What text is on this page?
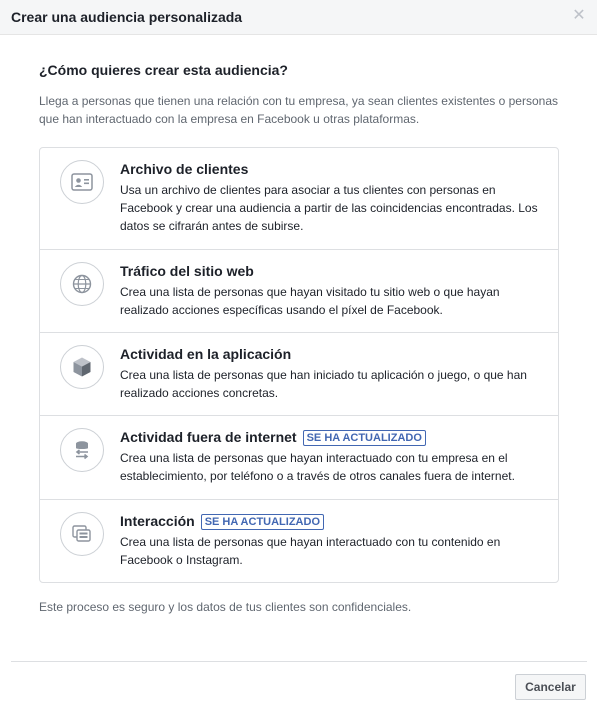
Crear una audiencia personalizada	✕
¿Cómo quieres crear esta audiencia?
Llega a personas que tienen una relación con tu empresa, ya sean clientes existentes o personas que han interactuado con la empresa en Facebook u otras plataformas.
Archivo de clientes
Usa un archivo de clientes para asociar a tus clientes con personas en Facebook y crear una audiencia a partir de las coincidencias encontradas. Los datos se cifrarán antes de subirse.
Tráfico del sitio web
Crea una lista de personas que hayan visitado tu sitio web o que hayan realizado acciones específicas usando el píxel de Facebook.
Actividad en la aplicación
Crea una lista de personas que han iniciado tu aplicación o juego, o que han realizado acciones concretas.
Actividad fuera de internet SE HA ACTUALIZADO
Crea una lista de personas que hayan interactuado con tu empresa en el establecimiento, por teléfono o a través de otros canales fuera de internet.
Interacción SE HA ACTUALIZADO
Crea una lista de personas que hayan interactuado con tu contenido en Facebook o Instagram.
Este proceso es seguro y los datos de tus clientes son confidenciales.
Cancelar
